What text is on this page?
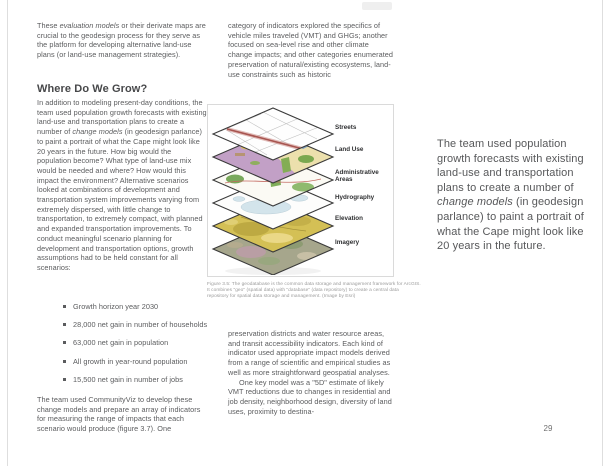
These evaluation models or their derivate maps are crucial to the geodesign process for they serve as the platform for developing alternative land-use plans (or land-use management strategies).

Where Do We Grow?

In addition to modeling present-day conditions, the team used population growth forecasts with existing land-use and transportation plans to create a number of change models (in geodesign parlance) to paint a portrait of what the Cape might look like 20 years in the future. How big would the population become? What type of land-use mix would be needed and where? How would this impact the environment? Alternative scenarios looked at combinations of development and transportation system improvements varying from extremely dispersed, with little change to transportation, to extremely compact, with planned and expanded transportation improvements. To conduct meaningful scenario planning for development and transportation options, growth assumptions had to be held constant for all scenarios:

Growth horizon year 2030
28,000 net gain in number of households
63,000 net gain in population
All growth in year-round population
15,500 net gain in number of jobs

The team used CommunityViz to develop these change models and prepare an array of indicators for measuring the range of impacts that each scenario would produce (figure 3.7). One

category of indicators explored the specifics of vehicle miles traveled (VMT) and GHGs; another focused on sea-level rise and other climate change impacts; and other categories enumerated preservation of natural/existing ecosystems, land-use constraints such as historic

Streets
Land Use
Administrative Areas
Hydrography
Elevation
Imagery

Figure 3.5: The geodatabase is the common data storage and management framework for ArcGIS. It combines "geo" (spatial data) with "database" (data repository) to create a central data repository for spatial data storage and management. (Image by Esri)

preservation districts and water resource areas, and transit accessibility indicators. Each kind of indicator used appropriate impact models derived from a range of scientific and empirical studies as well as more straightforward geospatial analyses.

One key model was a "5D" estimate of likely VMT reductions due to changes in residential and job density, neighborhood design, diversity of land uses, proximity to destina-

The team used population growth forecasts with existing land-use and transportation plans to create a number of change models (in geodesign parlance) to paint a portrait of what the Cape might look like 20 years in the future.
29
